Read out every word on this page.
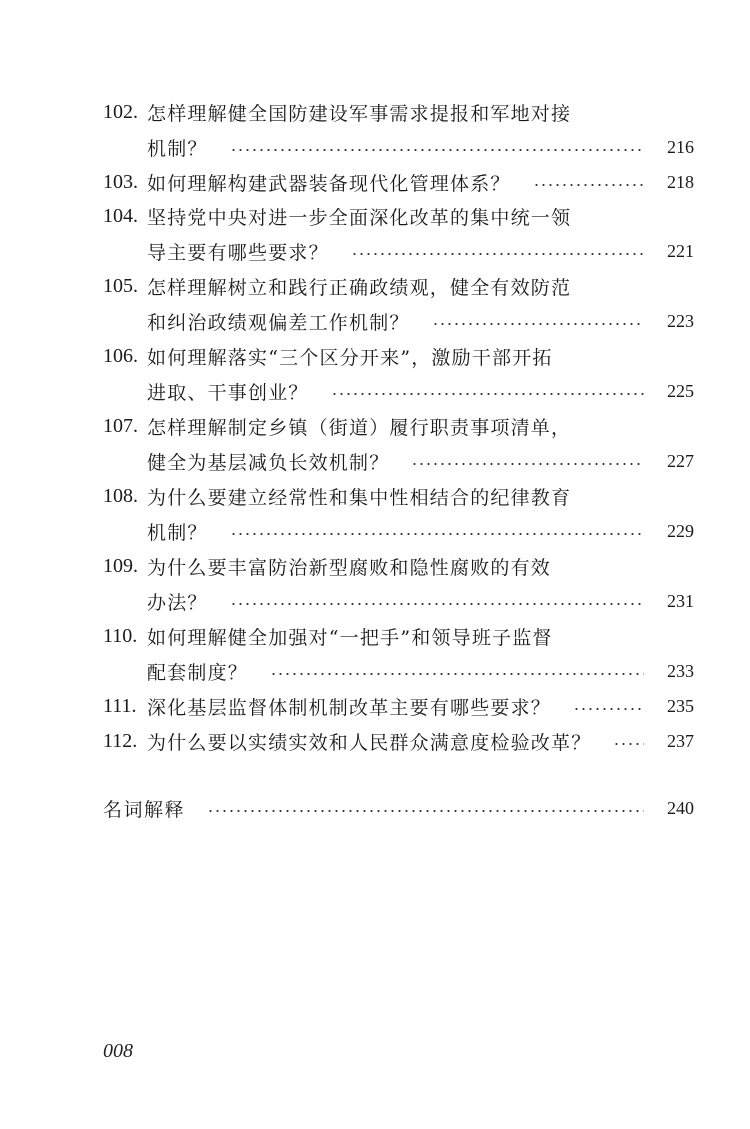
102. 怎样理解健全国防建设军事需求提报和军地对接
机制？	216
103. 如何理解构建武器装备现代化管理体系？	218
104. 坚持党中央对进一步全面深化改革的集中统一领
导主要有哪些要求？	221
105. 怎样理解树立和践行正确政绩观，健全有效防范
和纠治政绩观偏差工作机制？	223
106. 如何理解落实“三个区分开来”，激励干部开拓
进取、干事创业？	225
107. 怎样理解制定乡镇（街道）履行职责事项清单，
健全为基层减负长效机制？	227
108. 为什么要建立经常性和集中性相结合的纪律教育
机制？	229
109. 为什么要丰富防治新型腐败和隐性腐败的有效
办法？	231
110. 如何理解健全加强对“一把手”和领导班子监督
配套制度？	233
111. 深化基层监督体制机制改革主要有哪些要求？	235
112. 为什么要以实绩实效和人民群众满意度检验改革？	237
名词解释	240
008
